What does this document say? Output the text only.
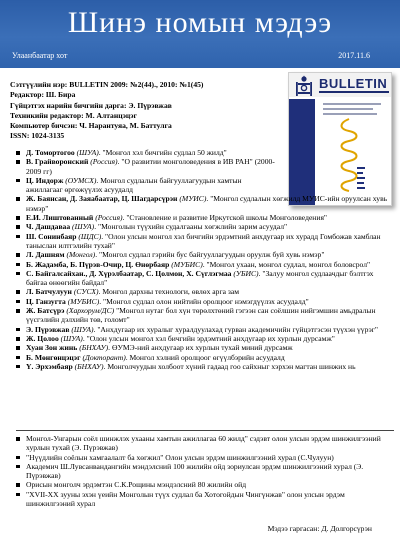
Шинэ номын мэдээ
Улаанбаатар хот	2017.11.6
Сэтгүүлийн нэр: BULLETIN 2009: №2(44)., 2010: №1(45)
Редактор: Ш. Бира
Гүйцэтгэх нарийн бичгийн дарга: Э. Пүрэвжав
Техникийн редактор: М. Алтанцэцэг
Компьютер бичсэн: Ч. Нарантуяа, М. Баттулга
ISSN: 1024-3135
BULLETIN
Д. Томортогоо (ШУА). "Монгол хэл бичгийн судлал 50 жилд"
В. Грайворонский (Россия). "О развитии монголоведения в ИВ РАН" (2000-2009 гг)
Ц. Индорж (ОУМСХ). Монгол судлалын байгууллагуудын хамтын ажиллагааг өргөжүүлэх асуудалд
Ж. Баянсан, Д. Заяабаатар, Ц. Шагдарсүрэн (МУИС). "Монгол судлалын хөгжилд МУИС-ийн оруулсан хувь нэмэр"
Е.И. Лиштованный (Россия). "Становление и развитие Иркутской школы Монголоведения"
Ч. Дашдаваа (ШУА). "Монголын түүхийн судалгааны хөгжлийн зарим асуудал"
Ш. Сонинбаяр (ШДС). "Олон улсын монгол хэл бичгийн эрдэмтний анхдугаар их хурадд Гомбожав хамблан таныслан илтгэлийн тухай"
Л. Дашням (Монгол). "Монгол судлал гэрийн бус байгууллагуудын оруулж буй хувь нэмэр"
Б. Жадамба, Б. Пүрэв-Очир, Ц. Өнөрбаяр (МУБИС). "Монгол ухаан, монгол судлал, монгол боловсрол"
С. Байгалсайхан., Д. Хүрэлбаатар, С. Цолмон, Х. Сүглэгмаа (УБИС). "Залуу монгол судлаачдыг бэлтгэх байгаа өнөөгийн байдал"
Л. Батчулуун (СУСХ). Монгол дархны технологи, өвлөх арга зам
Ц. Ганзугта (МУБИС). "Монгол судлал олон нийтийн оролцоог нэмэгдүүлэх асуудалд"
Ж. Батсүрэ (Хархорум/ДС) "Монгол нутаг бол хүн төрөлхтөний гэгээн сан соёлшин нийгэмшин амьдралын үүсгэлийн дэлхийн төв, голомт"
Э. Пүрэвжав (ШУА). "Анхдугаар их хуралыг хуралдуулахад гурван академичийн гүйцэтгэсэн түүхэн үүрэг"
Ж. Цолоо (ШУА). "Олон улсын монгол хэл бичгийн эрдэмтний анхдугаар их хурлын дурсамж"
Хуан Зон жинь (БНХАУ). ӨУМЭ-ний анхдугаар их хурлын тухай миний дурсамж
Б. Мөнгөнцэцэг (Докторант). Монгол хэлний оролцоог өгүүлбэрийн асуудалд
Ү. Эрхэмбаяр (БНХАУ). Монголчуудын холбоот хүний гадаад гоо сайхныг хэрхэн магтан шинжих нь
Монгол-Унгарын соёл шинжлэх ухааны хамтын ажиллагаа 60 жилд" сэдэвт олон улсын эрдэм шинжилгээний хурлын тухай (Э. Пүрэвжав)
"Нүүдлийн соёлын хамгаалалт ба хөгжил" Олон улсын эрдэм шинжилгээний хурал (С.Чулуун)
Академич Ш.Лувсанвандангийн мэндэлсний 100 жилийн ойд зориулсан эрдэм шинжилгээний хурал (Э. Пүрэвжав)
Орисын монголч эрдэмтэн С.К.Рощины мэндэлсний 80 жилийн ойд
"XVII-XX зууны эхэн үеийн Монголын түүх судлал ба Хотогойдын Чингүнжав" олон улсын эрдэм шинжилгээний хурал
Мэдээ гаргасан: Д. Долгорсүрэн
